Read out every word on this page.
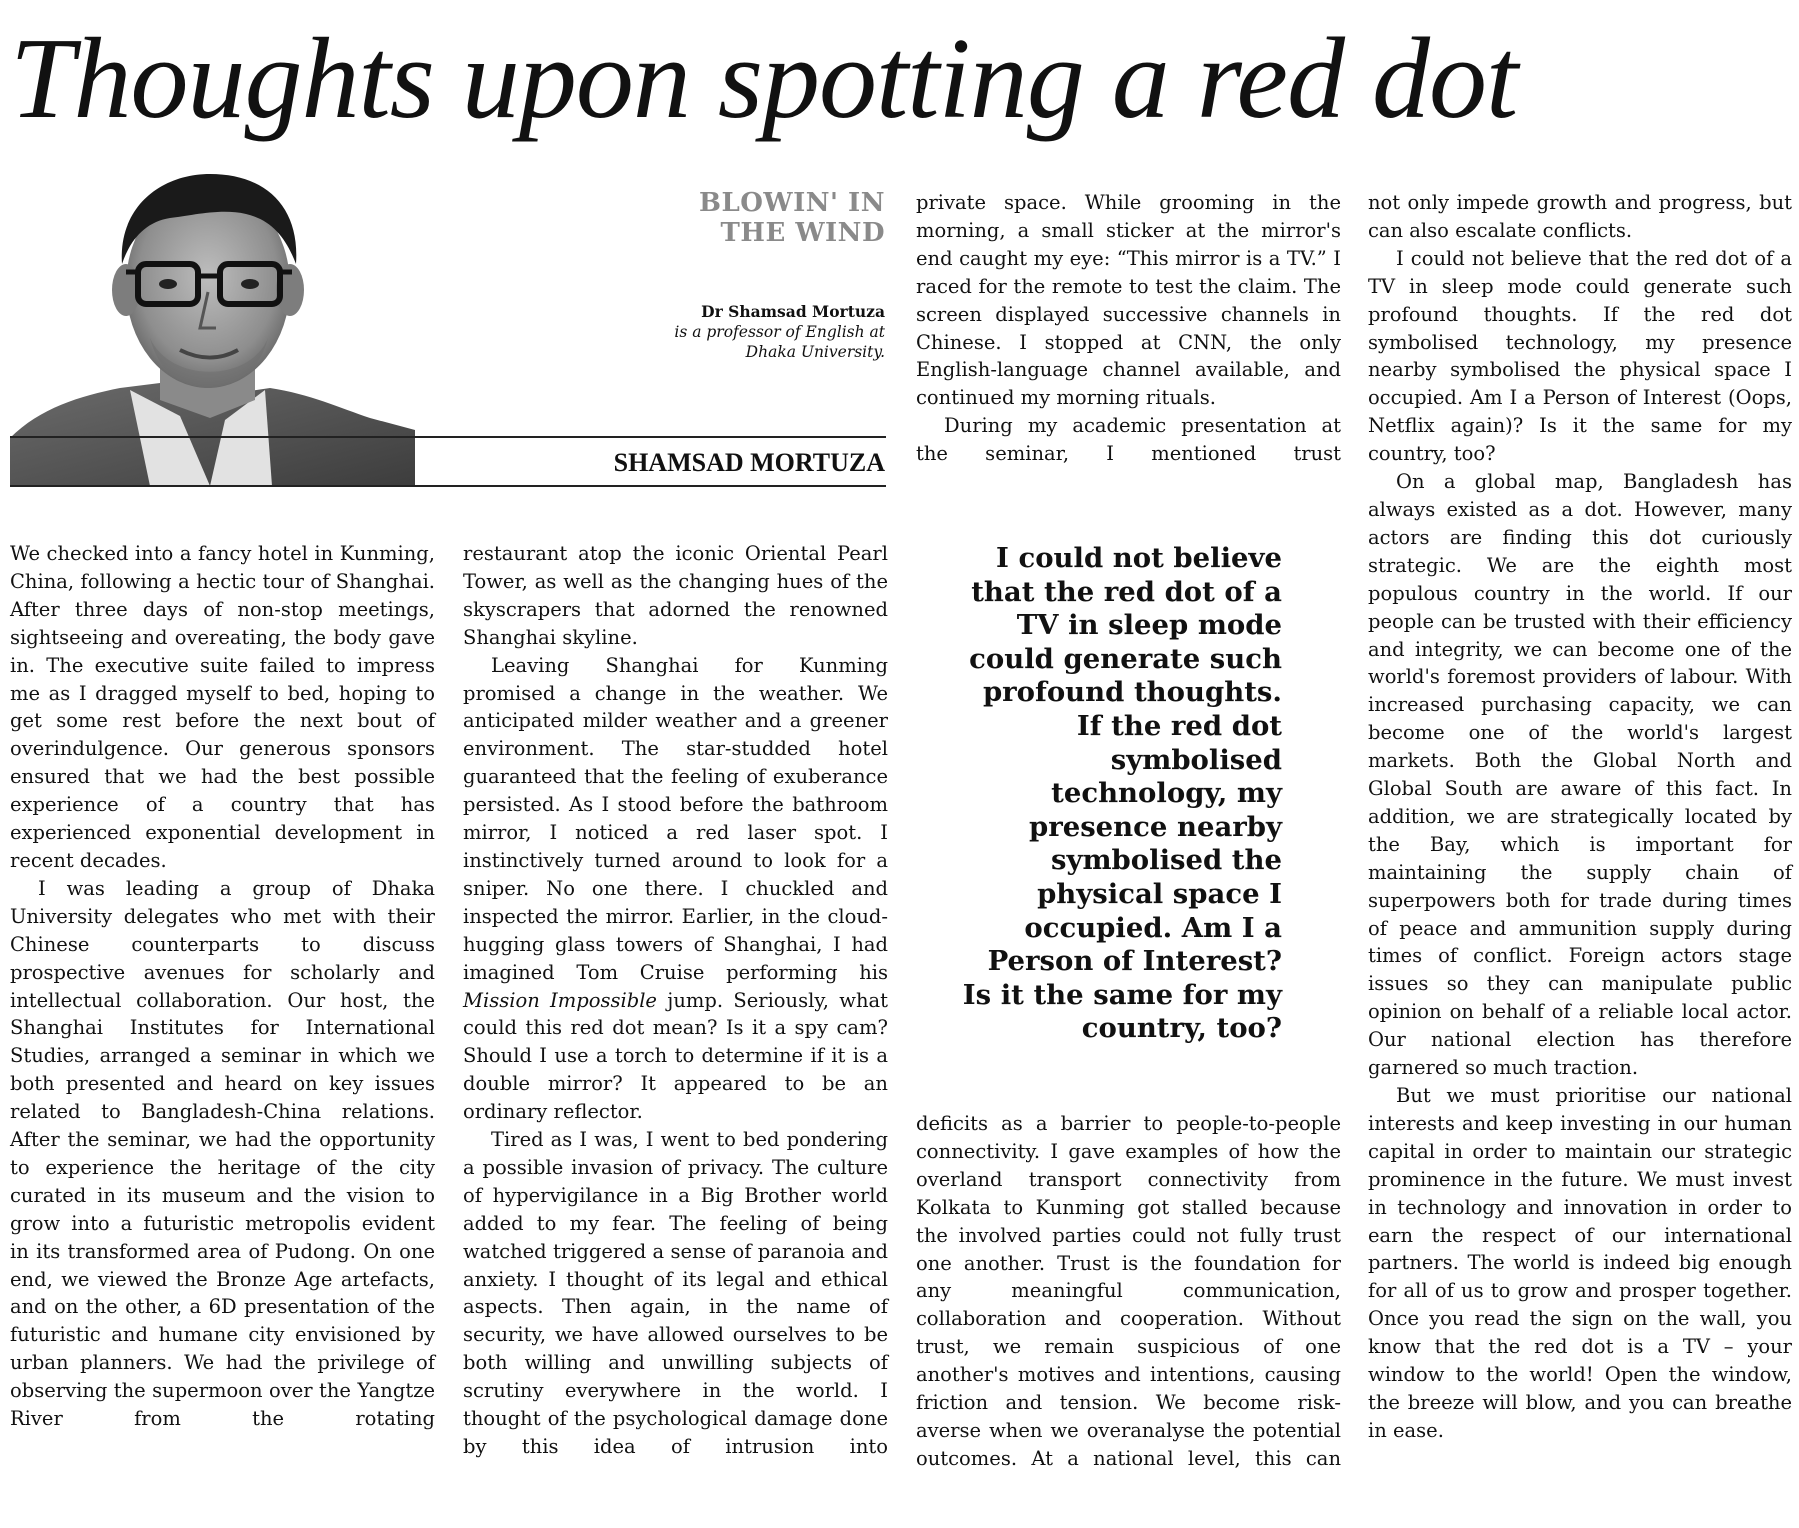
Thoughts upon spotting a red dot
BLOWIN' IN
THE WIND
Dr Shamsad Mortuza
is a professor of English at
Dhaka University.
SHAMSAD MORTUZA

We checked into a fancy hotel in Kunming, China, following a hectic tour of Shanghai. After three days of non-stop meetings, sightseeing and overeating, the body gave in. The executive suite failed to impress me as I dragged myself to bed, hoping to get some rest before the next bout of overindulgence. Our generous sponsors ensured that we had the best possible experience of a country that has experienced exponential development in recent decades.

I was leading a group of Dhaka University delegates who met with their Chinese counterparts to discuss prospective avenues for scholarly and intellectual collaboration. Our host, the Shanghai Institutes for International Studies, arranged a seminar in which we both presented and heard on key issues related to Bangladesh-China relations. After the seminar, we had the opportunity to experience the heritage of the city curated in its museum and the vision to grow into a futuristic metropolis evident in its transformed area of Pudong. On one end, we viewed the Bronze Age artefacts, and on the other, a 6D presentation of the futuristic and humane city envisioned by urban planners. We had the privilege of observing the supermoon over the Yangtze River from the rotating

restaurant atop the iconic Oriental Pearl Tower, as well as the changing hues of the skyscrapers that adorned the renowned Shanghai skyline.

Leaving Shanghai for Kunming promised a change in the weather. We anticipated milder weather and a greener environment. The star-studded hotel guaranteed that the feeling of exuberance persisted. As I stood before the bathroom mirror, I noticed a red laser spot. I instinctively turned around to look for a sniper. No one there. I chuckled and inspected the mirror. Earlier, in the cloud-hugging glass towers of Shanghai, I had imagined Tom Cruise performing his Mission Impossible jump. Seriously, what could this red dot mean? Is it a spy cam? Should I use a torch to determine if it is a double mirror? It appeared to be an ordinary reflector.

Tired as I was, I went to bed pondering a possible invasion of privacy. The culture of hypervigilance in a Big Brother world added to my fear. The feeling of being watched triggered a sense of paranoia and anxiety. I thought of its legal and ethical aspects. Then again, in the name of security, we have allowed ourselves to be both willing and unwilling subjects of scrutiny everywhere in the world. I thought of the psychological damage done by this idea of intrusion into

private space. While grooming in the morning, a small sticker at the mirror's end caught my eye: “This mirror is a TV.” I raced for the remote to test the claim. The screen displayed successive channels in Chinese. I stopped at CNN, the only English-language channel available, and continued my morning rituals.

During my academic presentation at the seminar, I mentioned trust

I could not believe that the red dot of a TV in sleep mode could generate such profound thoughts. If the red dot symbolised technology, my presence nearby symbolised the physical space I occupied. Am I a Person of Interest? Is it the same for my country, too?

deficits as a barrier to people-to-people connectivity. I gave examples of how the overland transport connectivity from Kolkata to Kunming got stalled because the involved parties could not fully trust one another. Trust is the foundation for any meaningful communication, collaboration and cooperation. Without trust, we remain suspicious of one another's motives and intentions, causing friction and tension. We become risk-averse when we overanalyse the potential outcomes. At a national level, this can

not only impede growth and progress, but can also escalate conflicts.

I could not believe that the red dot of a TV in sleep mode could generate such profound thoughts. If the red dot symbolised technology, my presence nearby symbolised the physical space I occupied. Am I a Person of Interest (Oops, Netflix again)? Is it the same for my country, too?

On a global map, Bangladesh has always existed as a dot. However, many actors are finding this dot curiously strategic. We are the eighth most populous country in the world. If our people can be trusted with their efficiency and integrity, we can become one of the world's foremost providers of labour. With increased purchasing capacity, we can become one of the world's largest markets. Both the Global North and Global South are aware of this fact. In addition, we are strategically located by the Bay, which is important for maintaining the supply chain of superpowers both for trade during times of peace and ammunition supply during times of conflict. Foreign actors stage issues so they can manipulate public opinion on behalf of a reliable local actor. Our national election has therefore garnered so much traction.

But we must prioritise our national interests and keep investing in our human capital in order to maintain our strategic prominence in the future. We must invest in technology and innovation in order to earn the respect of our international partners. The world is indeed big enough for all of us to grow and prosper together. Once you read the sign on the wall, you know that the red dot is a TV – your window to the world! Open the window, the breeze will blow, and you can breathe in ease.
